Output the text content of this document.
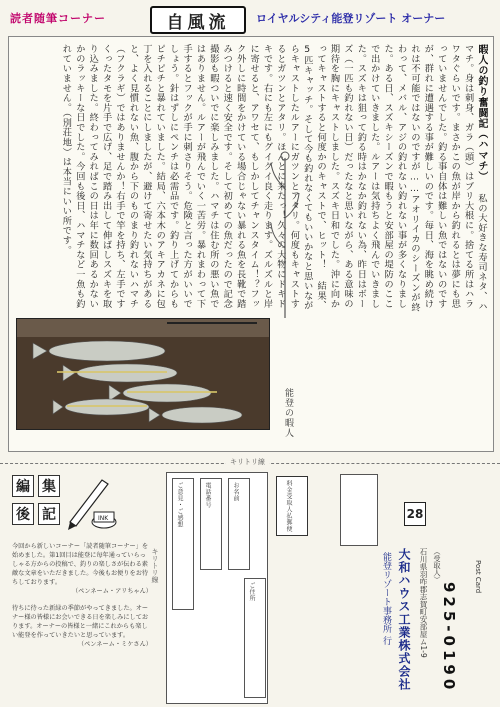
読者随筆コーナー	自風流	ロイヤルシティ能登リゾート オーナー
暇人の釣り奮闘記（ハマチ） 私の大好きな寿司ネタ、ハマチ。身は刺身、ガラ（頭）はブリ大根に。捨てる所はハラワタぐらいです。まさかこの魚が岸から釣れるとは夢にも思っていませんでした。釣る事自体は難しい魚ではないのですが、群れに遭遇する事が難しいのです。毎日、海を眺め続けれは不可能ではないのですが……アオリイカのシーズンが終わって、メバル、アジの釣れない釣れない事が多くなりました。ある日、スズキシーズンで暇もうと安部屋の堤防のここで出かけていきました。ルアーは気持ちよく飛んでいきました。スズキは狙って釣る時はかなか釣れない為、昨日はボーズ（一匹も釣れない日）だったなと思いながら、ある意味の期待を胸にキャストしました。スズキ日和でした。沖に向かってキャストすると何度かのキャストで、ヒット！ 結果、5匹キャッチ。そして今も釣れなくてもいいかなと思いながらキャストしたルアーにガツンとアタリ。何度もキャストするとガツンとアタリ。ほんとに来たっ！久々の大物にドキドキです。右にも左にもグイグイ良く走ります。ズルズルと岸に寄せると、アワセて、もしかしてチャンスタイム！？フック外しに時間をかけている場合じゃない暴れる魚を長靴で踏みつけると速く安全です。そして初めての魚だったので記念撮影も暇ついでに楽しみました。ハマチは住む所の悪い魚ではありません。ルアーが飛んでいく一苦労。暴れまわって下手するとフックが手に刺さりそう。危険と言った方がいいでしょう。針はずしにペンチは必需品です。釣り上げてからもピチピチと暴れていました。結局、六本木のアキアカネに包丁を入れることにしましたが、避けて寄せたい気持ちがあると、よく見慣れない魚、腹から下のものまり釣れないハマチ（フクラギ）ではありませんか！右手で竿を持ち、左手ですくったタモを片手で広げ、足で踏み出して伸ばしスズキを取り込みました。終わってみればこの日は年に数回あるかないかのラッキーな日でした。今回も後日、ハマチなど一魚も釣れていません。（別荘地）は本当にいい所です。
能登の暇人
キリトリ線
キリトリ線
編 集
後 記	INK
今回から新しいコーナー「読者随筆コーナー」を始めました。第1回目は能登に毎年通っていらっしゃる方からの投稿で、釣りの楽しさが伝わる素敵な文章をいただきました。今後もお便りをお待ちしております。
（ペンネーム・アリちゃん）
待ちに待った新緑の季節がやってきました。オーナー様の皆様にお会いできる日を楽しみにしております。オーナーの皆様と一緒にこれからも楽しい能登を作っていきたいと思っています。
（ペンネーム・ミケさん）
ご意見・ご感想	電話番号	お名前
ご住所
料金受取人払郵便	28
大和ハウス工業株式会社
能登リゾート事務所 行	石川県羽咋郡志賀町安部屋ム1-9 （受取人）
925-0190
Post Card
